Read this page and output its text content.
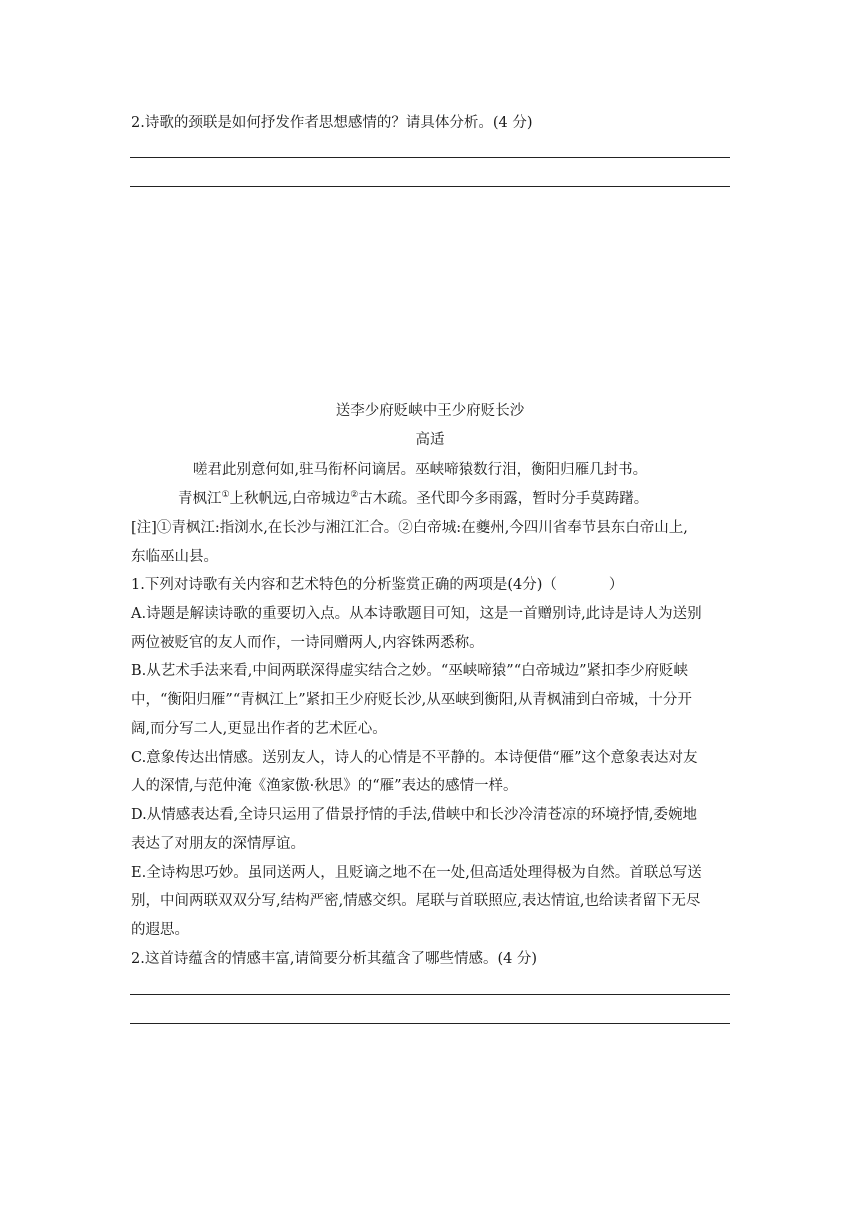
2.诗歌的颈联是如何抒发作者思想感情的？请具体分析。(4 分)
送李少府贬峡中王少府贬长沙
高适
嗟君此别意何如,驻马衔杯问谪居。巫峡啼猿数行泪，衡阳归雁几封书。
青枫江①上秋帆远,白帝城边②古木疏。圣代即今多雨露，暂时分手莫踌躇。
[注]①青枫江:指浏水,在长沙与湘江汇合。②白帝城:在夔州,今四川省奉节县东白帝山上,
东临巫山县。
1.下列对诗歌有关内容和艺术特色的分析鉴赏正确的两项是(4分)（	）
A.诗题是解读诗歌的重要切入点。从本诗歌题目可知，这是一首赠别诗,此诗是诗人为送别
两位被贬官的友人而作，一诗同赠两人,内容铢两悉称。
B.从艺术手法来看,中间两联深得虚实结合之妙。“巫峡啼猿”“白帝城边”紧扣李少府贬峡
中，“衡阳归雁”“青枫江上”紧扣王少府贬长沙,从巫峡到衡阳,从青枫浦到白帝城，十分开
阔,而分写二人,更显出作者的艺术匠心。
C.意象传达出情感。送别友人，诗人的心情是不平静的。本诗便借“雁”这个意象表达对友
人的深情,与范仲淹《渔家傲·秋思》的“雁”表达的感情一样。
D.从情感表达看,全诗只运用了借景抒情的手法,借峡中和长沙冷清苍凉的环境抒情,委婉地
表达了对朋友的深情厚谊。
E.全诗构思巧妙。虽同送两人，且贬谪之地不在一处,但高适处理得极为自然。首联总写送
别，中间两联双双分写,结构严密,情感交织。尾联与首联照应,表达情谊,也给读者留下无尽
的遐思。
2.这首诗蕴含的情感丰富,请简要分析其蕴含了哪些情感。(4 分)
